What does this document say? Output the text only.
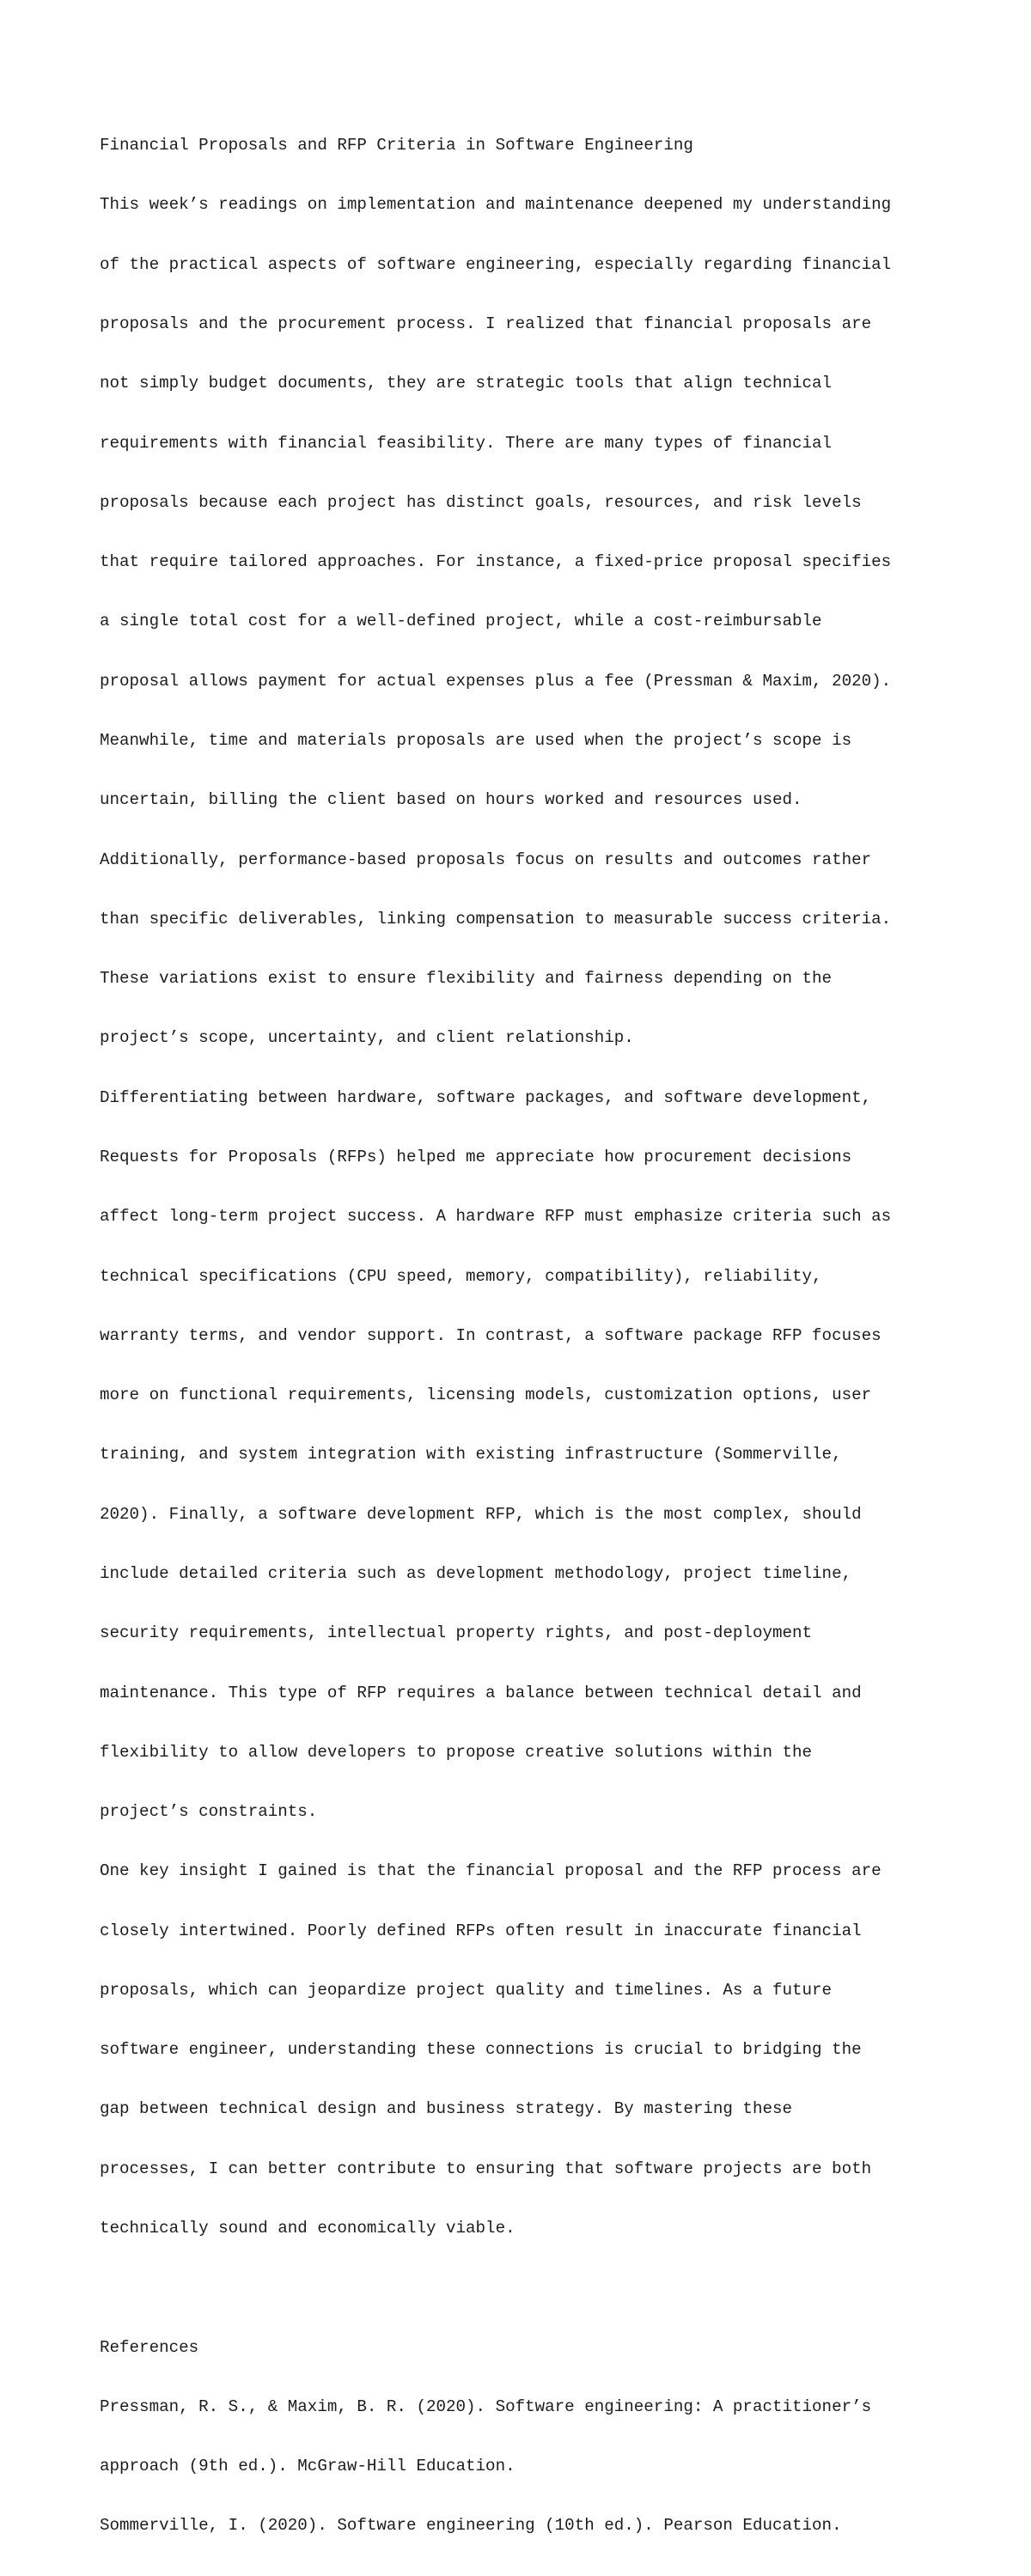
Financial Proposals and RFP Criteria in Software Engineering

This week’s readings on implementation and maintenance deepened my understanding

of the practical aspects of software engineering, especially regarding financial

proposals and the procurement process. I realized that financial proposals are

not simply budget documents, they are strategic tools that align technical

requirements with financial feasibility. There are many types of financial

proposals because each project has distinct goals, resources, and risk levels

that require tailored approaches. For instance, a fixed-price proposal specifies

a single total cost for a well-defined project, while a cost-reimbursable

proposal allows payment for actual expenses plus a fee (Pressman & Maxim, 2020).

Meanwhile, time and materials proposals are used when the project’s scope is

uncertain, billing the client based on hours worked and resources used.

Additionally, performance-based proposals focus on results and outcomes rather

than specific deliverables, linking compensation to measurable success criteria.

These variations exist to ensure flexibility and fairness depending on the

project’s scope, uncertainty, and client relationship.

Differentiating between hardware, software packages, and software development,

Requests for Proposals (RFPs) helped me appreciate how procurement decisions

affect long-term project success. A hardware RFP must emphasize criteria such as

technical specifications (CPU speed, memory, compatibility), reliability,

warranty terms, and vendor support. In contrast, a software package RFP focuses

more on functional requirements, licensing models, customization options, user

training, and system integration with existing infrastructure (Sommerville,

2020). Finally, a software development RFP, which is the most complex, should

include detailed criteria such as development methodology, project timeline,

security requirements, intellectual property rights, and post-deployment

maintenance. This type of RFP requires a balance between technical detail and

flexibility to allow developers to propose creative solutions within the

project’s constraints.

One key insight I gained is that the financial proposal and the RFP process are

closely intertwined. Poorly defined RFPs often result in inaccurate financial

proposals, which can jeopardize project quality and timelines. As a future

software engineer, understanding these connections is crucial to bridging the

gap between technical design and business strategy. By mastering these

processes, I can better contribute to ensuring that software projects are both

technically sound and economically viable.

References

Pressman, R. S., & Maxim, B. R. (2020). Software engineering: A practitioner’s

approach (9th ed.). McGraw-Hill Education.

Sommerville, I. (2020). Software engineering (10th ed.). Pearson Education.
